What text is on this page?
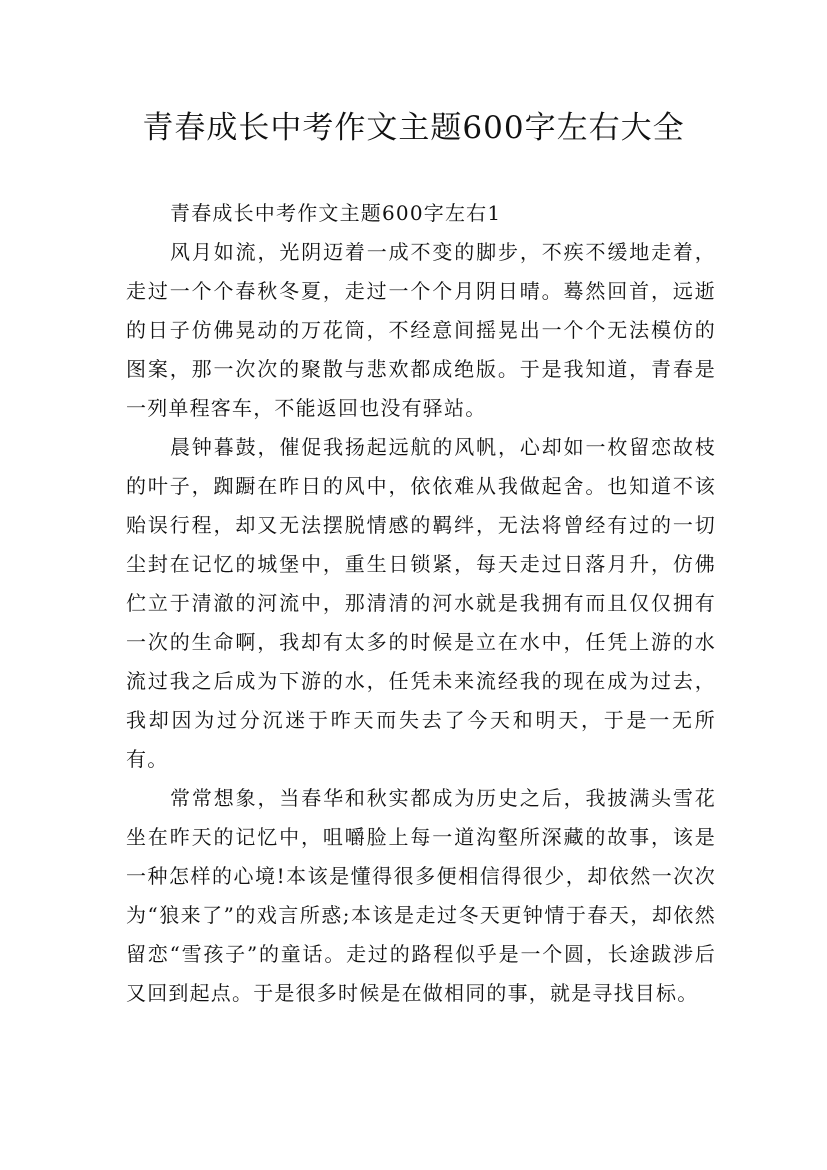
青春成长中考作文主题600字左右大全

青春成长中考作文主题600字左右1

风月如流，光阴迈着一成不变的脚步，不疾不缓地走着，走过一个个春秋冬夏，走过一个个月阴日晴。蓦然回首，远逝的日子仿佛晃动的万花筒，不经意间摇晃出一个个无法模仿的图案，那一次次的聚散与悲欢都成绝版。于是我知道，青春是一列单程客车，不能返回也没有驿站。

晨钟暮鼓，催促我扬起远航的风帆，心却如一枚留恋故枝的叶子，踟蹰在昨日的风中，依依难从我做起舍。也知道不该贻误行程，却又无法摆脱情感的羁绊，无法将曾经有过的一切尘封在记忆的城堡中，重生日锁紧，每天走过日落月升，仿佛伫立于清澈的河流中，那清清的河水就是我拥有而且仅仅拥有一次的生命啊，我却有太多的时候是立在水中，任凭上游的水流过我之后成为下游的水，任凭未来流经我的现在成为过去，我却因为过分沉迷于昨天而失去了今天和明天，于是一无所有。

常常想象，当春华和秋实都成为历史之后，我披满头雪花坐在昨天的记忆中，咀嚼脸上每一道沟壑所深藏的故事，该是一种怎样的心境!本该是懂得很多便相信得很少，却依然一次次为“狼来了”的戏言所惑;本该是走过冬天更钟情于春天，却依然留恋“雪孩子”的童话。走过的路程似乎是一个圆，长途跋涉后又回到起点。于是很多时候是在做相同的事，就是寻找目标。
